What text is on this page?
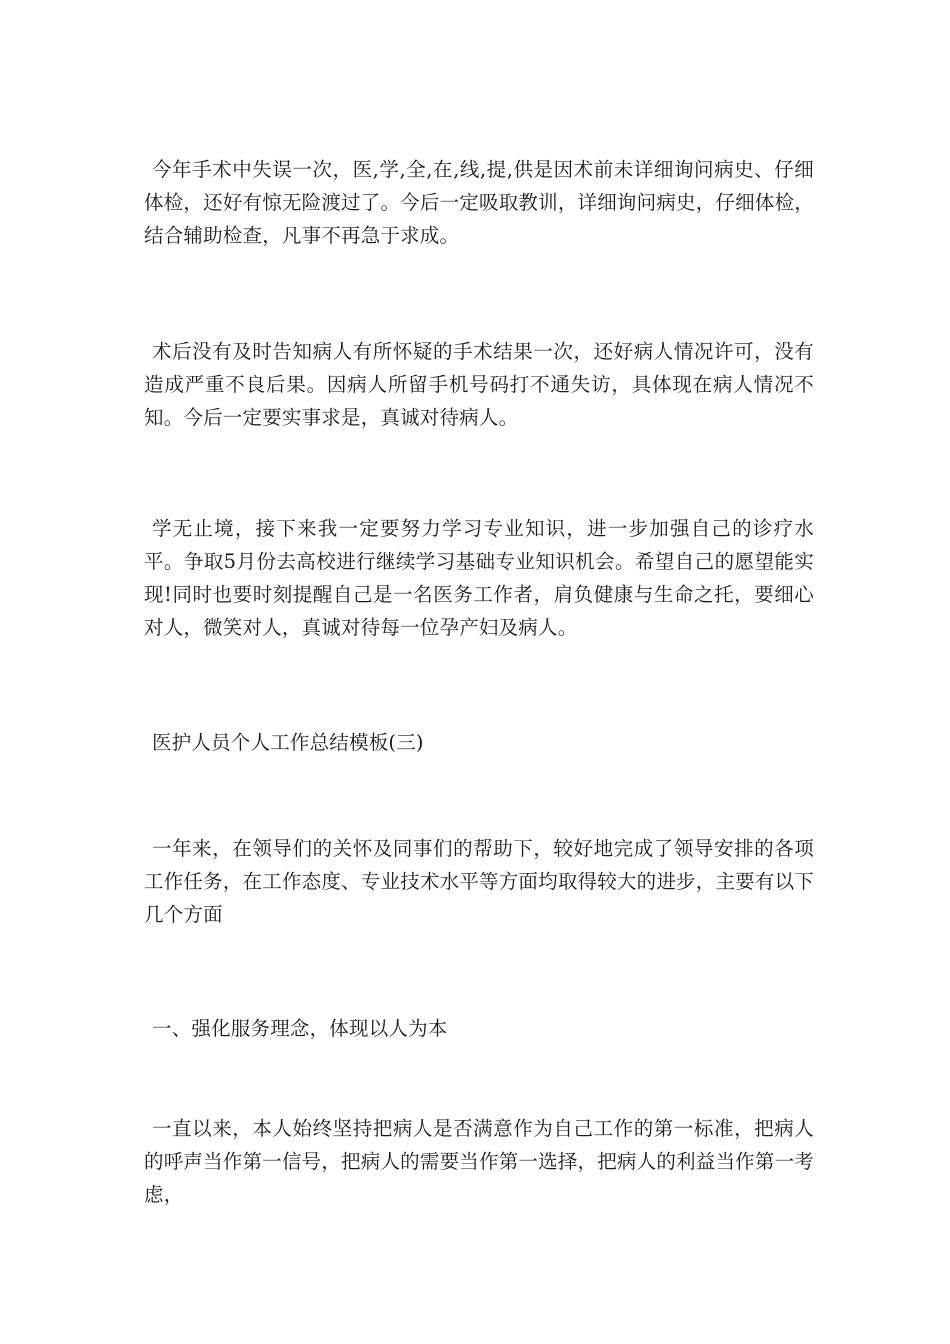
今年手术中失误一次，医,学,全,在,线,提,供是因术前未详细询问病史、仔细体检，还好有惊无险渡过了。今后一定吸取教训，详细询问病史，仔细体检，结合辅助检查，凡事不再急于求成。

术后没有及时告知病人有所怀疑的手术结果一次，还好病人情况许可，没有造成严重不良后果。因病人所留手机号码打不通失访，具体现在病人情况不知。今后一定要实事求是，真诚对待病人。

学无止境，接下来我一定要努力学习专业知识，进一步加强自己的诊疗水平。争取5月份去高校进行继续学习基础专业知识机会。希望自己的愿望能实现!同时也要时刻提醒自己是一名医务工作者，肩负健康与生命之托，要细心对人，微笑对人，真诚对待每一位孕产妇及病人。

医护人员个人工作总结模板(三)

一年来，在领导们的关怀及同事们的帮助下，较好地完成了领导安排的各项工作任务，在工作态度、专业技术水平等方面均取得较大的进步，主要有以下几个方面

一、强化服务理念，体现以人为本

一直以来，本人始终坚持把病人是否满意作为自己工作的第一标准，把病人的呼声当作第一信号，把病人的需要当作第一选择，把病人的利益当作第一考虑，
